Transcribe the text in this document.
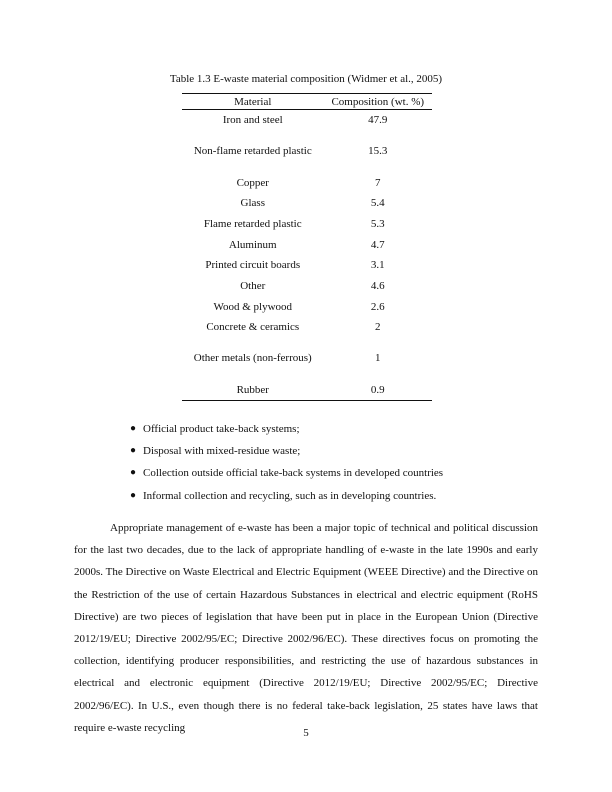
Table 1.3 E-waste material composition (Widmer et al., 2005)
Material	Composition (wt. %)
Iron and steel	47.9
Non-flame retarded plastic	15.3
Copper	7
Glass	5.4
Flame retarded plastic	5.3
Aluminum	4.7
Printed circuit boards	3.1
Other	4.6
Wood & plywood	2.6
Concrete & ceramics	2
Other metals (non-ferrous)	1
Rubber	0.9
● Official product take-back systems;
● Disposal with mixed-residue waste;
● Collection outside official take-back systems in developed countries
● Informal collection and recycling, such as in developing countries.

Appropriate management of e-waste has been a major topic of technical and political discussion for the last two decades, due to the lack of appropriate handling of e-waste in the late 1990s and early 2000s. The Directive on Waste Electrical and Electric Equipment (WEEE Directive) and the Directive on the Restriction of the use of certain Hazardous Substances in electrical and electric equipment (RoHS Directive) are two pieces of legislation that have been put in place in the European Union (Directive 2012/19/EU; Directive 2002/95/EC; Directive 2002/96/EC). These directives focus on promoting the collection, identifying producer responsibilities, and restricting the use of hazardous substances in electrical and electronic equipment (Directive 2012/19/EU; Directive 2002/95/EC; Directive 2002/96/EC). In U.S., even though there is no federal take-back legislation, 25 states have laws that require e-waste recycling	5
